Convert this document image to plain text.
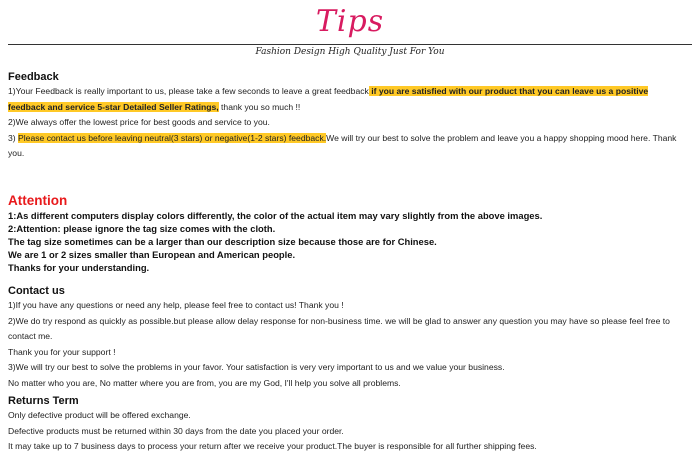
Tips
Fashion Design High Quality Just For You
Feedback
1)Your Feedback is really important to us, please take a few seconds to leave a great feedback if you are satisfied with our product that you can leave us a positive
feedback and service 5-star Detailed Seller Ratings, thank you so much !!
2)We always offer the lowest price for best goods and service to you.
3) Please contact us before leaving neutral(3 stars) or negative(1-2 stars) feedback.We will try our best to solve the problem and leave you a happy shopping mood here. Thank you.
Attention
1:As different computers display colors differently, the color of the actual item may vary slightly from the above images.
2:Attention: please ignore the tag size comes with the cloth.
The tag size sometimes can be a larger than our description size because those are for Chinese.
We are 1 or 2 sizes smaller than European and American people.
Thanks for your understanding.
Contact us
1)If you have any questions or need any help, please feel free to contact us! Thank you !
2)We do try respond as quickly as possible.but please allow delay response for non-business time. we will be glad to answer any question you may have so please feel free to contact me.
Thank you for your support !
3)We will try our best to solve the problems in your favor. Your satisfaction is very very important to us and we value your business.
No matter who you are, No matter where you are from, you are my God, I'll help you solve all problems.
Returns Term
Only defective product will be offered exchange.
Defective products must be returned within 30 days from the date you placed your order.
It may take up to 7 business days to process your return after we receive your product.The buyer is responsible for all further shipping fees.
